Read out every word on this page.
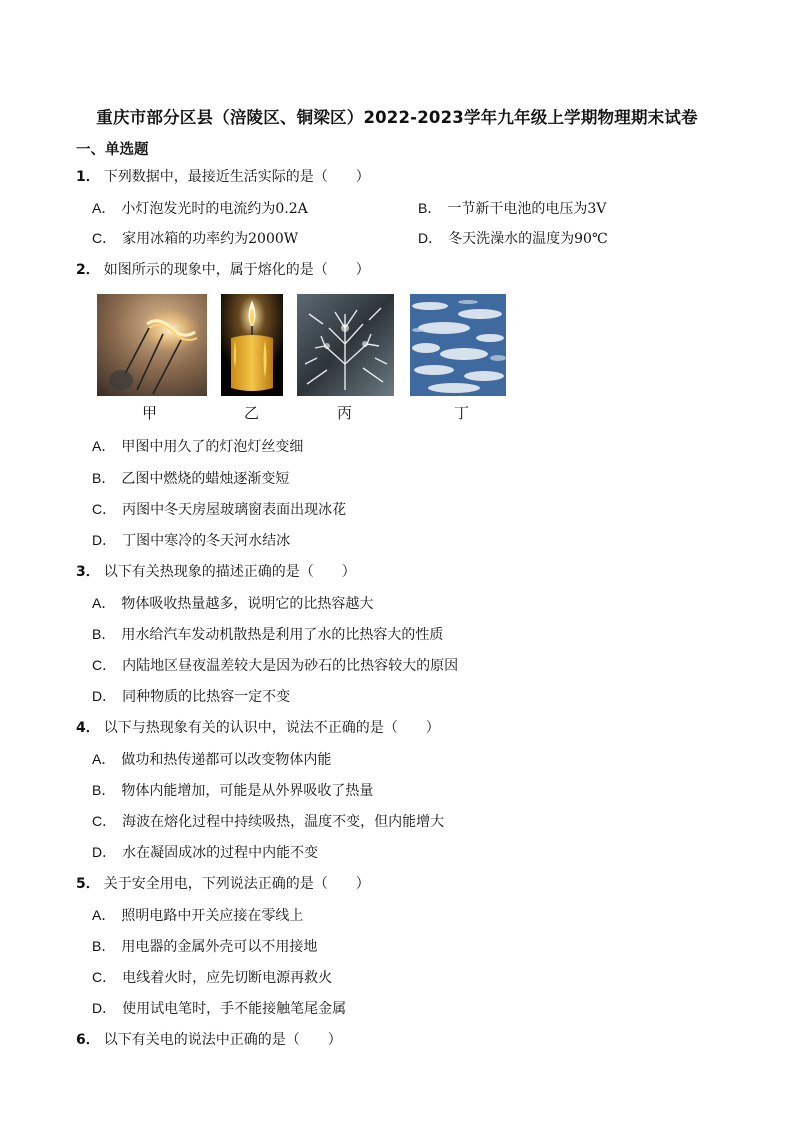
重庆市部分区县（涪陵区、铜梁区）2022-2023学年九年级上学期物理期末试卷
一、单选题
1． 下列数据中，最接近生活实际的是（　　）
A． 小灯泡发光时的电流约为0.2A	B． 一节新干电池的电压为3V
C． 家用冰箱的功率约为2000W	D． 冬天洗澡水的温度为90℃
2． 如图所示的现象中，属于熔化的是（　　）
甲	乙	丙	丁
A． 甲图中用久了的灯泡灯丝变细
B． 乙图中燃烧的蜡烛逐渐变短
C． 丙图中冬天房屋玻璃窗表面出现冰花
D． 丁图中寒冷的冬天河水结冰
3． 以下有关热现象的描述正确的是（　　）
A． 物体吸收热量越多，说明它的比热容越大
B． 用水给汽车发动机散热是利用了水的比热容大的性质
C． 内陆地区昼夜温差较大是因为砂石的比热容较大的原因
D． 同种物质的比热容一定不变
4． 以下与热现象有关的认识中，说法不正确的是（　　）
A． 做功和热传递都可以改变物体内能
B． 物体内能增加，可能是从外界吸收了热量
C． 海波在熔化过程中持续吸热，温度不变，但内能增大
D． 水在凝固成冰的过程中内能不变
5． 关于安全用电，下列说法正确的是（　　）
A． 照明电路中开关应接在零线上
B． 用电器的金属外壳可以不用接地
C． 电线着火时，应先切断电源再救火
D． 使用试电笔时，手不能接触笔尾金属
6． 以下有关电的说法中正确的是（　　）
